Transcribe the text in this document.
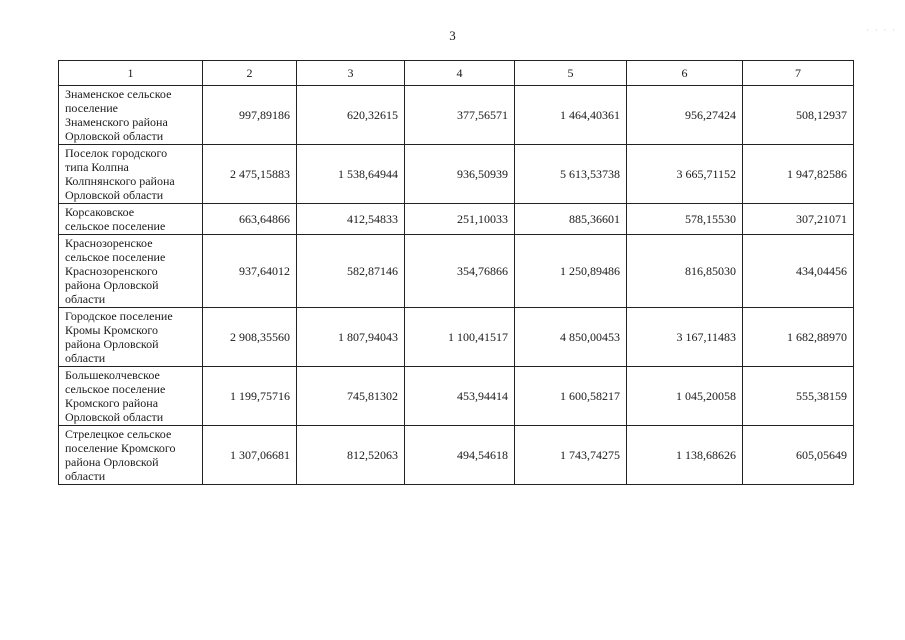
3	· · · ·
1	2	3	4	5	6	7

Знаменское сельское
поселение
Знаменского района
Орловской области	997,89186	620,32615	377,56571	1 464,40361	956,27424	508,12937

Поселок городского
типа Колпна
Колпнянского района
Орловской области	2 475,15883	1 538,64944	936,50939	5 613,53738	3 665,71152	1 947,82586

Корсаковское
сельское поселение	663,64866	412,54833	251,10033	885,36601	578,15530	307,21071

Краснозоренское
сельское поселение
Краснозоренского
района Орловской
области	937,64012	582,87146	354,76866	1 250,89486	816,85030	434,04456

Городское поселение
Кромы Кромского
района Орловской
области	2 908,35560	1 807,94043	1 100,41517	4 850,00453	3 167,11483	1 682,88970

Большеколчевское
сельское поселение
Кромского района
Орловской области	1 199,75716	745,81302	453,94414	1 600,58217	1 045,20058	555,38159

Стрелецкое сельское
поселение Кромского
района Орловской
области	1 307,06681	812,52063	494,54618	1 743,74275	1 138,68626	605,05649
